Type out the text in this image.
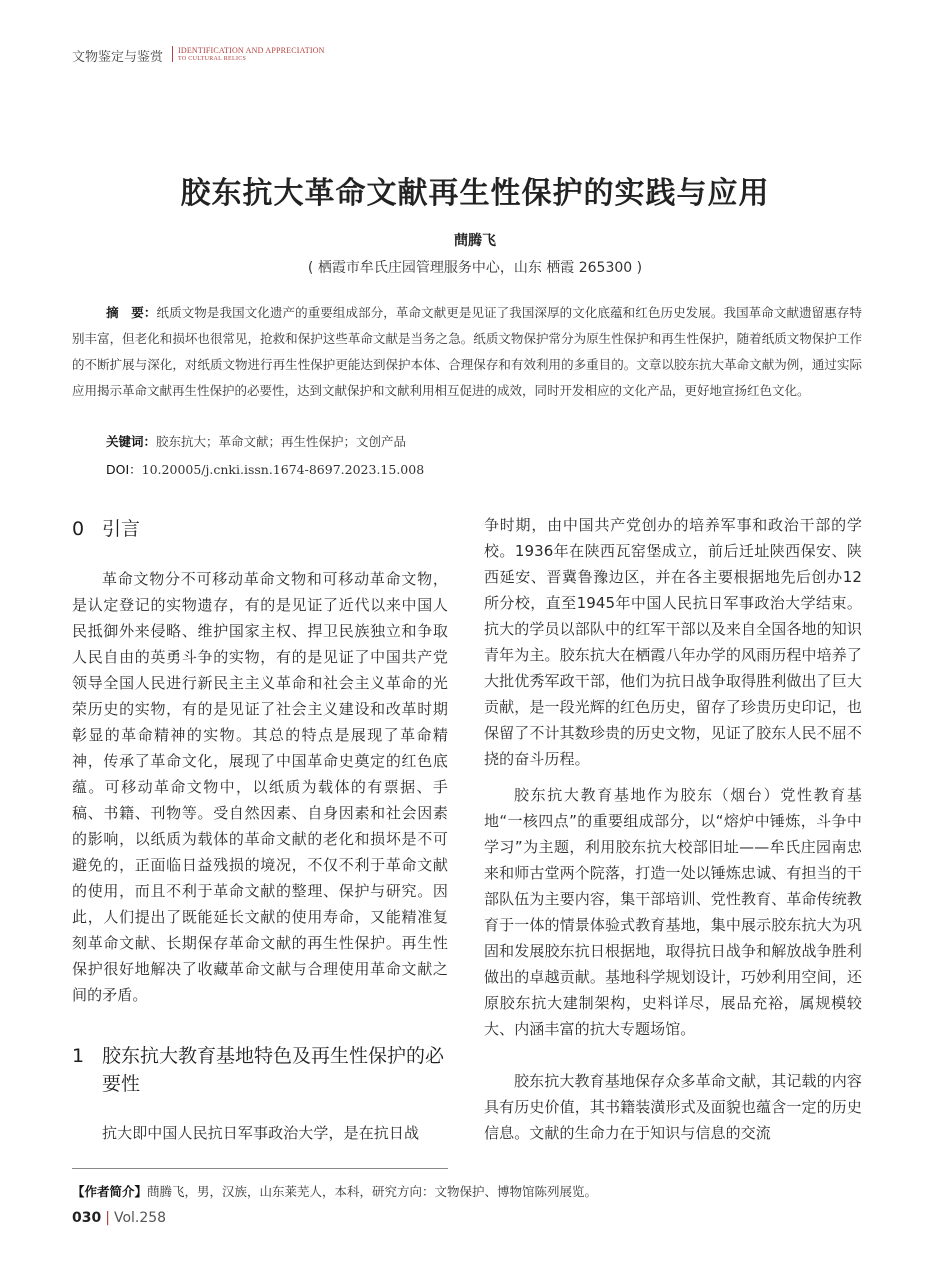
文物鉴定与鉴赏 IDENTIFICATION AND APPRECIATION
TO CULTURAL RELICS
胶东抗大革命文献再生性保护的实践与应用
蔄腾飞
( 栖霞市牟氏庄园管理服务中心，山东 栖霞 265300 )
摘　要：纸质文物是我国文化遗产的重要组成部分，革命文献更是见证了我国深厚的文化底蕴和红色历史发展。我国革命文献遗留惠存特别丰富，但老化和损坏也很常见，抢救和保护这些革命文献是当务之急。纸质文物保护常分为原生性保护和再生性保护，随着纸质文物保护工作的不断扩展与深化，对纸质文物进行再生性保护更能达到保护本体、合理保存和有效利用的多重目的。文章以胶东抗大革命文献为例，通过实际应用揭示革命文献再生性保护的必要性，达到文献保护和文献利用相互促进的成效，同时开发相应的文化产品，更好地宣扬红色文化。
关键词：胶东抗大；革命文献；再生性保护；文创产品
DOI：10.20005/j.cnki.issn.1674-8697.2023.15.008
0 引言
革命文物分不可移动革命文物和可移动革命文物，是认定登记的实物遗存，有的是见证了近代以来中国人民抵御外来侵略、维护国家主权、捍卫民族独立和争取人民自由的英勇斗争的实物，有的是见证了中国共产党领导全国人民进行新民主主义革命和社会主义革命的光荣历史的实物，有的是见证了社会主义建设和改革时期彰显的革命精神的实物。其总的特点是展现了革命精神，传承了革命文化，展现了中国革命史奠定的红色底蕴。可移动革命文物中，以纸质为载体的有票据、手稿、书籍、刊物等。受自然因素、自身因素和社会因素的影响，以纸质为载体的革命文献的老化和损坏是不可避免的，正面临日益残损的境况，不仅不利于革命文献的使用，而且不利于革命文献的整理、保护与研究。因此，人们提出了既能延长文献的使用寿命，又能精准复刻革命文献、长期保存革命文献的再生性保护。再生性保护很好地解决了收藏革命文献与合理使用革命文献之间的矛盾。
1 胶东抗大教育基地特色及再生性保护的必
要性
抗大即中国人民抗日军事政治大学，是在抗日战
争时期，由中国共产党创办的培养军事和政治干部的学校。1936年在陕西瓦窑堡成立，前后迁址陕西保安、陕西延安、晋冀鲁豫边区，并在各主要根据地先后创办12所分校，直至1945年中国人民抗日军事政治大学结束。抗大的学员以部队中的红军干部以及来自全国各地的知识青年为主。胶东抗大在栖霞八年办学的风雨历程中培养了大批优秀军政干部，他们为抗日战争取得胜利做出了巨大贡献，是一段光辉的红色历史，留存了珍贵历史印记，也保留了不计其数珍贵的历史文物，见证了胶东人民不屈不挠的奋斗历程。
胶东抗大教育基地作为胶东（烟台）党性教育基地“一核四点”的重要组成部分，以“熔炉中锤炼，斗争中学习”为主题，利用胶东抗大校部旧址——牟氏庄园南忠来和师古堂两个院落，打造一处以锤炼忠诚、有担当的干部队伍为主要内容，集干部培训、党性教育、革命传统教育于一体的情景体验式教育基地，集中展示胶东抗大为巩固和发展胶东抗日根据地，取得抗日战争和解放战争胜利做出的卓越贡献。基地科学规划设计，巧妙利用空间，还原胶东抗大建制架构，史料详尽，展品充裕，属规模较大、内涵丰富的抗大专题场馆。
胶东抗大教育基地保存众多革命文献，其记载的内容具有历史价值，其书籍装潢形式及面貌也蕴含一定的历史信息。文献的生命力在于知识与信息的交流
【作者简介】蔄腾飞，男，汉族，山东莱芜人，本科，研究方向：文物保护、博物馆陈列展览。
030 | Vol.258
